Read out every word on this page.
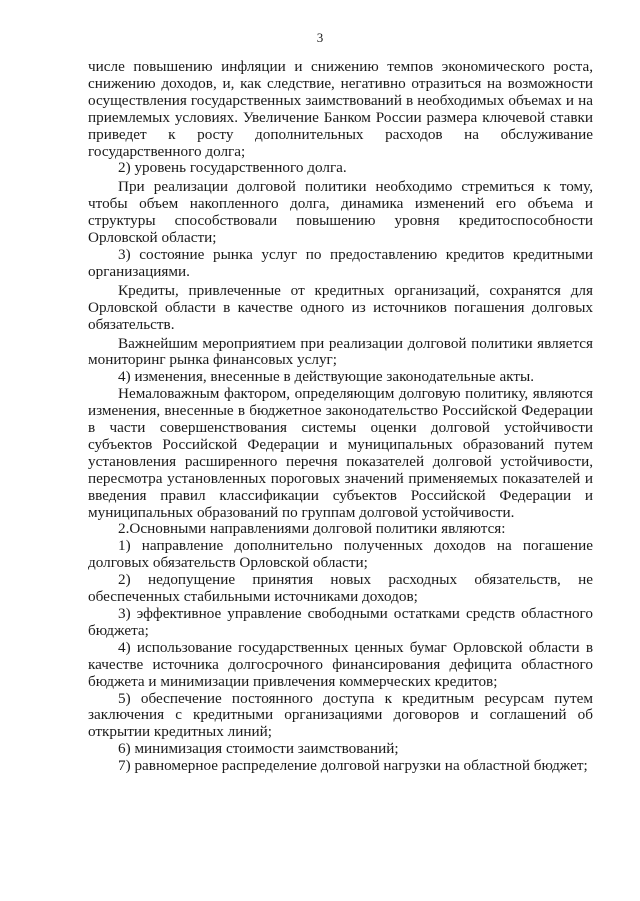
3

числе повышению инфляции и снижению темпов экономического роста, снижению доходов, и, как следствие, негативно отразиться на возможности осуществления государственных заимствований в необходимых объемах и на приемлемых условиях. Увеличение Банком России размера ключевой ставки приведет к росту дополнительных расходов на обслуживание государственного долга;

2) уровень государственного долга.

При реализации долговой политики необходимо стремиться к тому, чтобы объем накопленного долга, динамика изменений его объема и структуры способствовали повышению уровня кредитоспособности Орловской области;

3) состояние рынка услуг по предоставлению кредитов кредитными организациями.

Кредиты, привлеченные от кредитных организаций, сохранятся для Орловской области в качестве одного из источников погашения долговых обязательств.

Важнейшим мероприятием при реализации долговой политики является мониторинг рынка финансовых услуг;

4) изменения, внесенные в действующие законодательные акты.

Немаловажным фактором, определяющим долговую политику, являются изменения, внесенные в бюджетное законодательство Российской Федерации в части совершенствования системы оценки долговой устойчивости субъектов Российской Федерации и муниципальных образований путем установления расширенного перечня показателей долговой устойчивости, пересмотра установленных пороговых значений применяемых показателей и введения правил классификации субъектов Российской Федерации и муниципальных образований по группам долговой устойчивости.

2.Основными направлениями долговой политики являются:

1) направление дополнительно полученных доходов на погашение долговых обязательств Орловской области;

2) недопущение принятия новых расходных обязательств, не обеспеченных стабильными источниками доходов;

3) эффективное управление свободными остатками средств областного бюджета;

4) использование государственных ценных бумаг Орловской области в качестве источника долгосрочного финансирования дефицита областного бюджета и минимизации привлечения коммерческих кредитов;

5) обеспечение постоянного доступа к кредитным ресурсам путем заключения с кредитными организациями договоров и соглашений об открытии кредитных линий;

6) минимизация стоимости заимствований;

7) равномерное распределение долговой нагрузки на областной бюджет;
